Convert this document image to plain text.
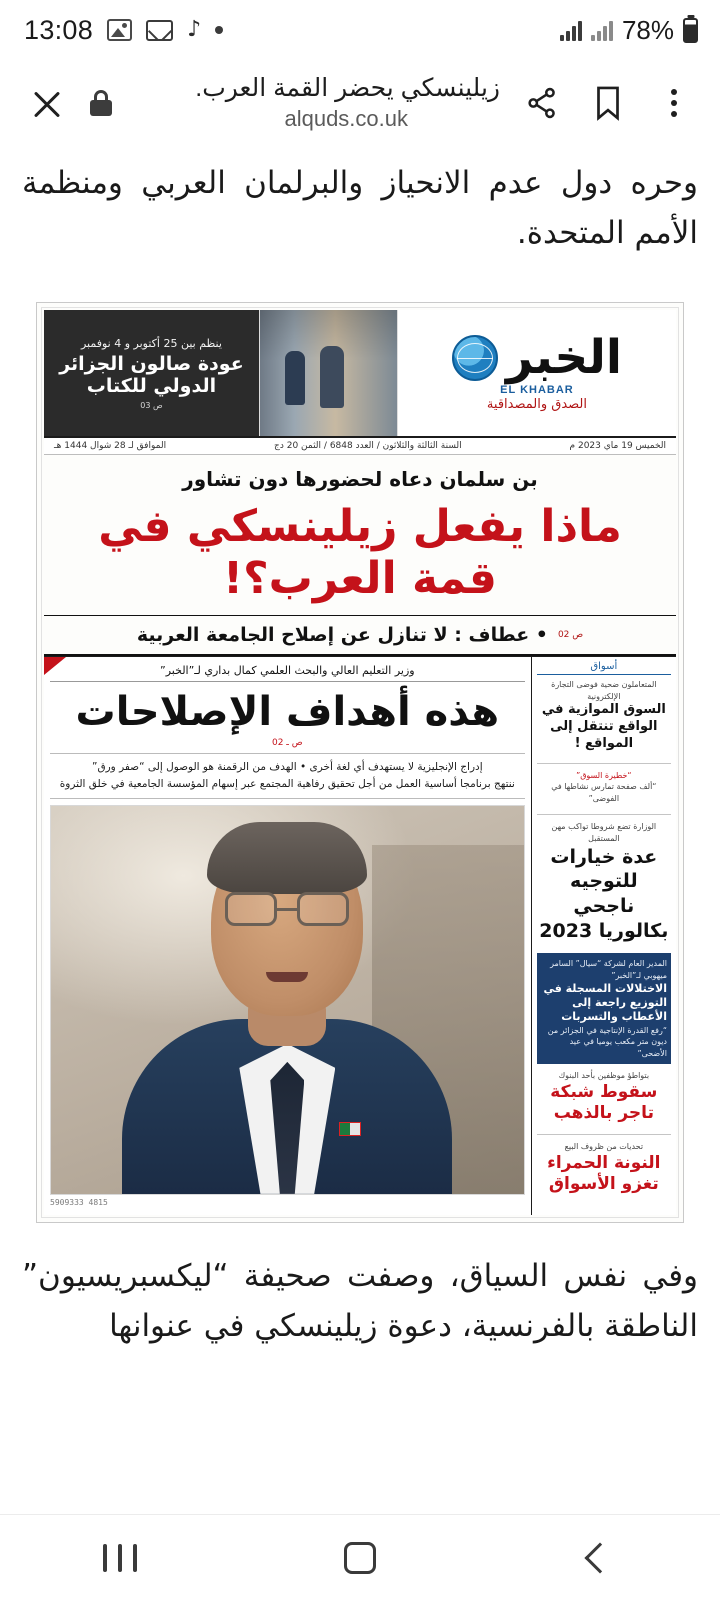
13:08	♪	78%
زيلينسكي يحضر القمة العرب.
alquds.co.uk
وحره دول عدم الانحياز والبرلمان العربي ومنظمة الأمم المتحدة.
الخبر
EL KHABAR
الصدق والمصداقية
ينظم بين 25 أكتوبر و 4 نوفمبر
عودة صالون الجزائر الدولي للكتاب
ص 03
الخميس 19 ماي 2023 م
السنة الثالثة والثلاثون / العدد 6848 / الثمن 20 دج
الموافق لـ 28 شوال 1444 هـ
بن سلمان دعاه لحضورها دون تشاور
ماذا يفعل زيلينسكي في قمة العرب؟!
ص 02
• عطاف : لا تنازل عن إصلاح الجامعة العربية
أسواق
المتعاملون ضحية فوضى التجارة الإلكترونية
السوق الموازية في الواقع تنتقل إلى المواقع !
“خطيرة السوق”
“ألف صفحة تمارس نشاطها في الفوضى”
الوزارة تضع شروطا تواكب مهن المستقبل
عدة خيارات للتوجيه ناجحي بكالوريا 2023
المدير العام لشركة “سيال” السامر ميهوبي لـ”الخبر”
الاختلالات المسجلة في التوزيع راجعة إلى الأعطاب والتسربات
“رفع القدرة الإنتاجية في الجزائر من ديون متر مكعب يوميا في عيد الأضحى”
بتواطؤ موظفين بأحد البنوك
سقوط شبكة تاجر بالذهب
تحديات من ظروف البيع
النونة الحمراء تغزو الأسواق
وزير التعليم العالي والبحث العلمي كمال بداري لـ”الخبر”
هذه أهداف الإصلاحات
ص ـ 02
إدراج الإنجليزية لا يستهدف أي لغة أخرى • الهدف من الرقمنة هو الوصول إلى “صفر ورق”
ننتهج برنامجا أساسية العمل من أجل تحقيق رفاهية المجتمع عبر إسهام المؤسسة الجامعية في خلق الثروة
5909333 4815
وفي نفس السياق، وصفت صحيفة “ليكسبريسيون” الناطقة بالفرنسية، دعوة زيلينسكي في عنوانها
